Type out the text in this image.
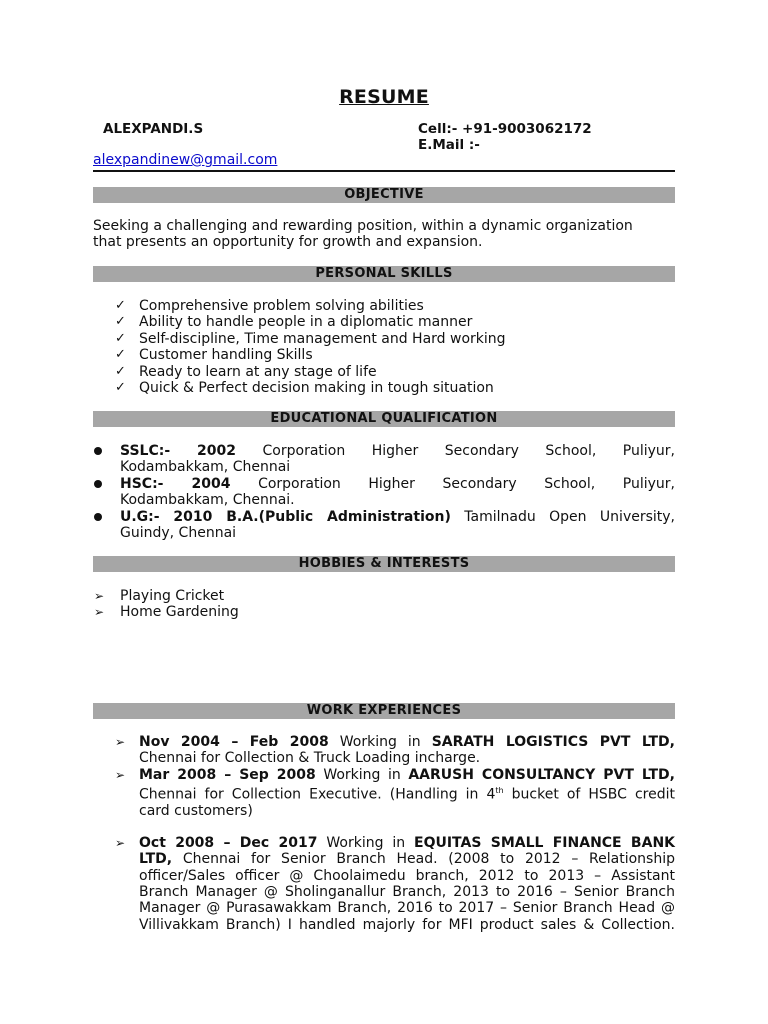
RESUME
ALEXPANDI.S	Cell:- +91-9003062172
E.Mail :-
alexpandinew@gmail.com
OBJECTIVE
Seeking a challenging and rewarding position, within a dynamic organization
that presents an opportunity for growth and expansion.
PERSONAL SKILLS
✓ Comprehensive problem solving abilities
✓ Ability to handle people in a diplomatic manner
✓ Self-discipline, Time management and Hard working
✓ Customer handling Skills
✓ Ready to learn at any stage of life
✓ Quick & Perfect decision making in tough situation
EDUCATIONAL QUALIFICATION
SSLC:- 2002 Corporation Higher Secondary School, Puliyur,
Kodambakkam, Chennai
HSC:- 2004 Corporation Higher Secondary School, Puliyur,
Kodambakkam, Chennai.
U.G:- 2010 B.A.(Public Administration) Tamilnadu Open University,
Guindy, Chennai
HOBBIES & INTERESTS
➢ Playing Cricket
➢ Home Gardening
WORK EXPERIENCES
➢ Nov 2004 – Feb 2008 Working in SARATH LOGISTICS PVT LTD,
Chennai for Collection & Truck Loading incharge.
➢ Mar 2008 – Sep 2008 Working in AARUSH CONSULTANCY PVT LTD,
Chennai for Collection Executive. (Handling in 4th bucket of HSBC credit
card customers)
➢ Oct 2008 – Dec 2017 Working in EQUITAS SMALL FINANCE BANK
LTD, Chennai for Senior Branch Head. (2008 to 2012 – Relationship
officer/Sales officer @ Choolaimedu branch, 2012 to 2013 – Assistant
Branch Manager @ Sholinganallur Branch, 2013 to 2016 – Senior Branch
Manager @ Purasawakkam Branch, 2016 to 2017 – Senior Branch Head @
Villivakkam Branch) I handled majorly for MFI product sales & Collection.
